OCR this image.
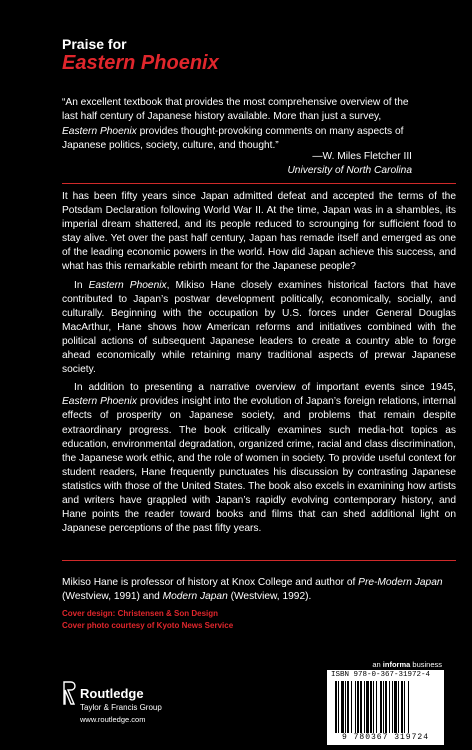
Praise for
Eastern Phoenix
“An excellent textbook that provides the most comprehensive overview of the last half century of Japanese history available. More than just a survey, Eastern Phoenix provides thought-provoking comments on many aspects of Japanese politics, society, culture, and thought.”
—W. Miles Fletcher III
University of North Carolina

It has been fifty years since Japan admitted defeat and accepted the terms of the Potsdam Declaration following World War II. At the time, Japan was in a shambles, its imperial dream shattered, and its people reduced to scrounging for sufficient food to stay alive. Yet over the past half century, Japan has remade itself and emerged as one of the leading economic powers in the world. How did Japan achieve this success, and what has this remarkable rebirth meant for the Japanese people?

In Eastern Phoenix, Mikiso Hane closely examines historical factors that have contributed to Japan’s postwar development politically, economically, socially, and culturally. Beginning with the occupation by U.S. forces under General Douglas MacArthur, Hane shows how American reforms and initiatives combined with the political actions of subsequent Japanese leaders to create a country able to forge ahead economically while retaining many traditional aspects of prewar Japanese society.

In addition to presenting a narrative overview of important events since 1945, Eastern Phoenix provides insight into the evolution of Japan’s foreign relations, internal effects of prosperity on Japanese society, and problems that remain despite extraordinary progress. The book critically examines such media-hot topics as education, environmental degradation, organized crime, racial and class discrimination, the Japanese work ethic, and the role of women in society. To provide useful context for student readers, Hane frequently punctuates his discussion by contrasting Japanese statistics with those of the United States. The book also excels in examining how artists and writers have grappled with Japan’s rapidly evolving contemporary history, and Hane points the reader toward books and films that can shed additional light on Japanese perceptions of the past fifty years.

Mikiso Hane is professor of history at Knox College and author of Pre-Modern Japan (Westview, 1991) and Modern Japan (Westview, 1992).
Cover design: Christensen & Son Design
Cover photo courtesy of Kyoto News Service
an informa business
ISBN 978-0-367-31972-4
9 780367 319724
Routledge
Taylor & Francis Group
www.routledge.com
